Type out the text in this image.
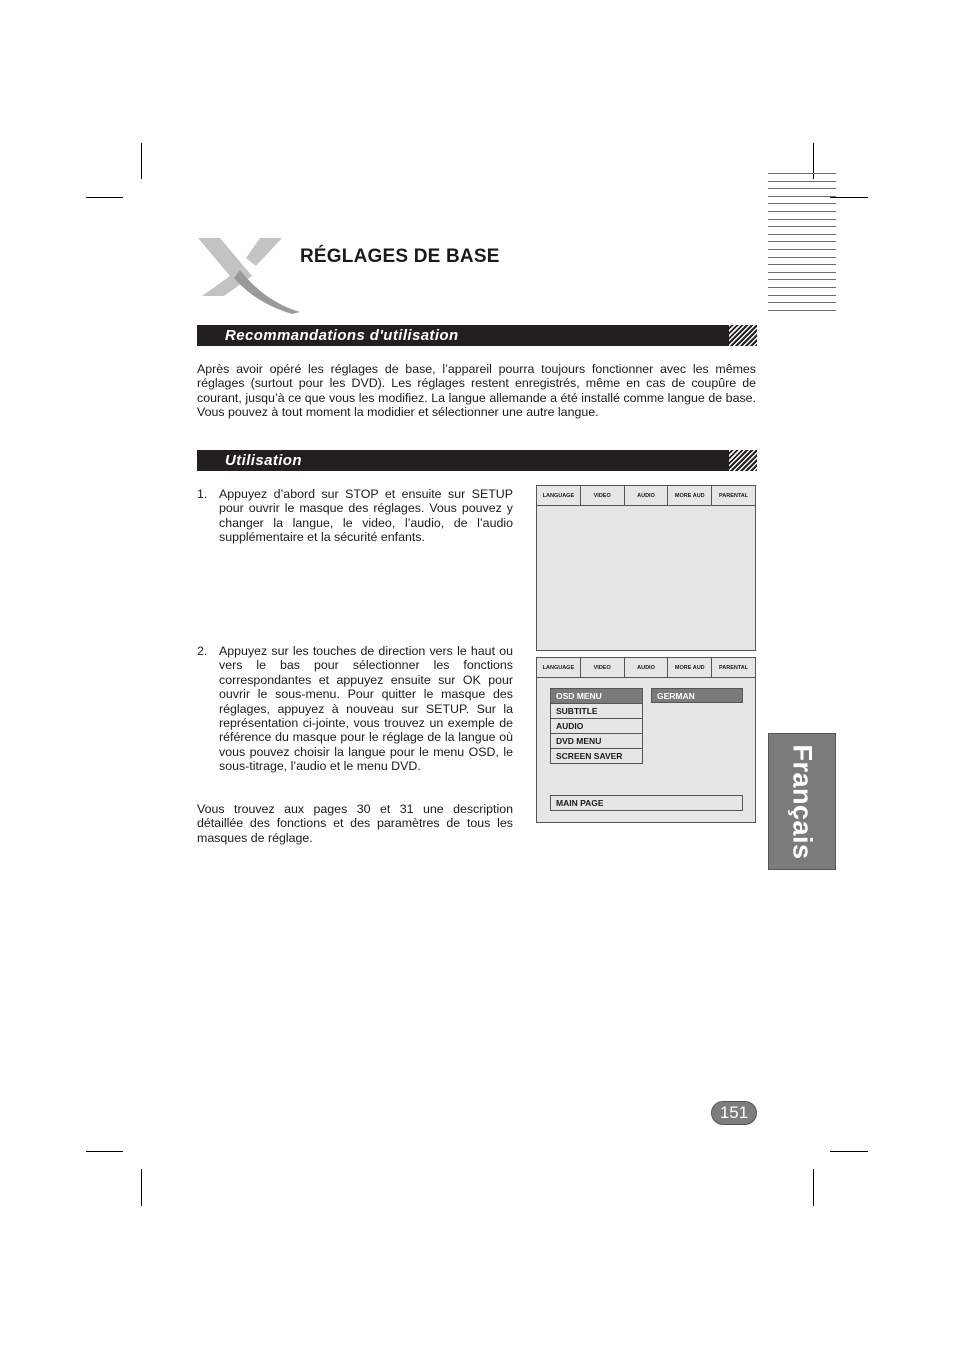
RÉGLAGES DE BASE
Recommandations d'utilisation
Après avoir opéré les réglages de base, l’appareil pourra toujours fonctionner avec les mêmes réglages (surtout pour les DVD). Les réglages restent enregistrés, même en cas de coupûre de courant, jusqu’à ce que vous les modifiez. La langue allemande a été installé comme langue de base. Vous pouvez à tout moment la modidier et sélectionner une autre langue.
Utilisation
1. Appuyez d’abord sur STOP et ensuite sur SETUP pour ouvrir le masque des réglages. Vous pouvez y changer la langue, le video, l’audio, de l’audio supplémentaire et la sécurité enfants.
2. Appuyez sur les touches de direction vers le haut ou vers le bas pour sélectionner les fonctions correspondantes et appuyez ensuite sur OK pour ouvrir le sous-menu. Pour quitter le masque des réglages, appuyez à nouveau sur SETUP. Sur la représentation ci-jointe, vous trouvez un exemple de référence du masque pour le réglage de la langue où vous pouvez choisir la langue pour le menu OSD, le sous-titrage, l’audio et le menu DVD.
Vous trouvez aux pages 30 et 31 une description détaillée des fonctions et des paramètres de tous les masques de réglage.
LANGUAGE	VIDEO	AUDIO	MORE AUD	PARENTAL
LANGUAGE	VIDEO	AUDIO	MORE AUD	PARENTAL
OSD MENU
SUBTITLE
AUDIO
DVD MENU
SCREEN SAVER
GERMAN
MAIN PAGE	Français
151
